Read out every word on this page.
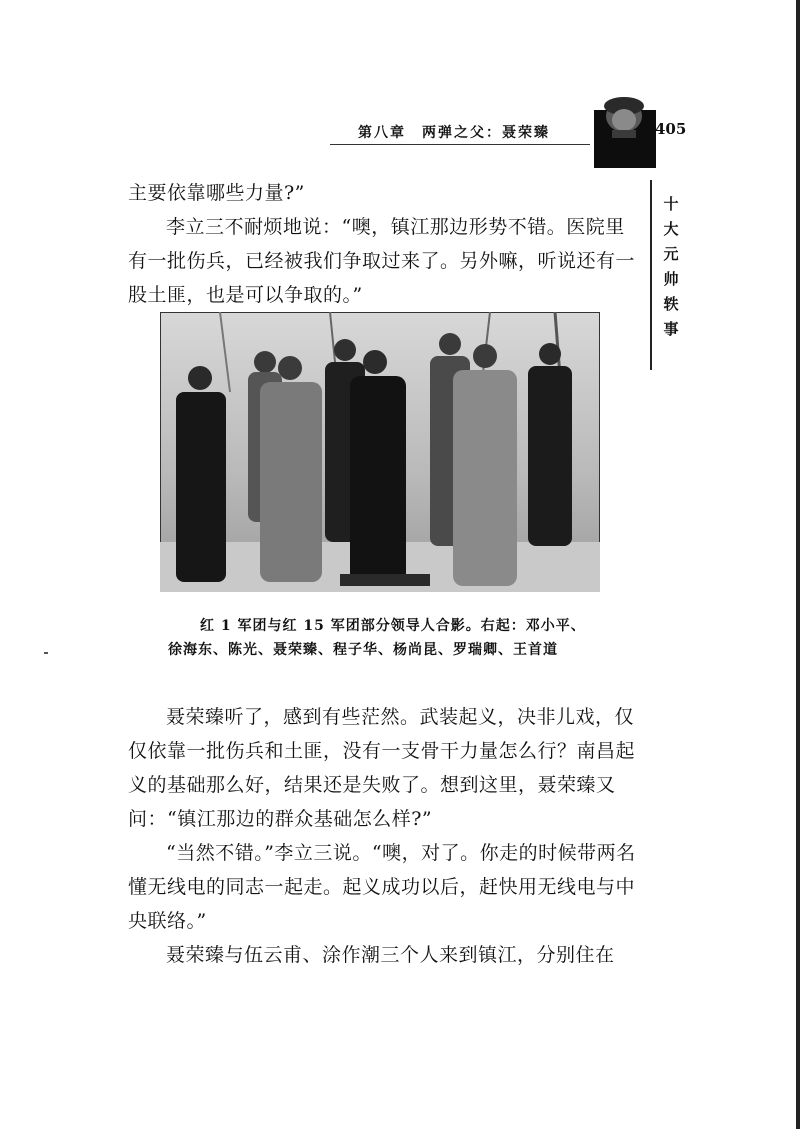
第八章　两弹之父：聂荣臻	405
十大元帅轶事

主要依靠哪些力量?”

李立三不耐烦地说：“噢，镇江那边形势不错。医院里有一批伤兵，已经被我们争取过来了。另外嘛，听说还有一股土匪，也是可以争取的。”

红 1 军团与红 15 军团部分领导人合影。右起：邓小平、徐海东、陈光、聂荣臻、程子华、杨尚昆、罗瑞卿、王首道

聂荣臻听了，感到有些茫然。武装起义，决非儿戏，仅仅依靠一批伤兵和土匪，没有一支骨干力量怎么行？南昌起义的基础那么好，结果还是失败了。想到这里，聂荣臻又问：“镇江那边的群众基础怎么样?”

“当然不错。”李立三说。“噢，对了。你走的时候带两名懂无线电的同志一起走。起义成功以后，赶快用无线电与中央联络。”

聂荣臻与伍云甫、涂作潮三个人来到镇江，分别住在
